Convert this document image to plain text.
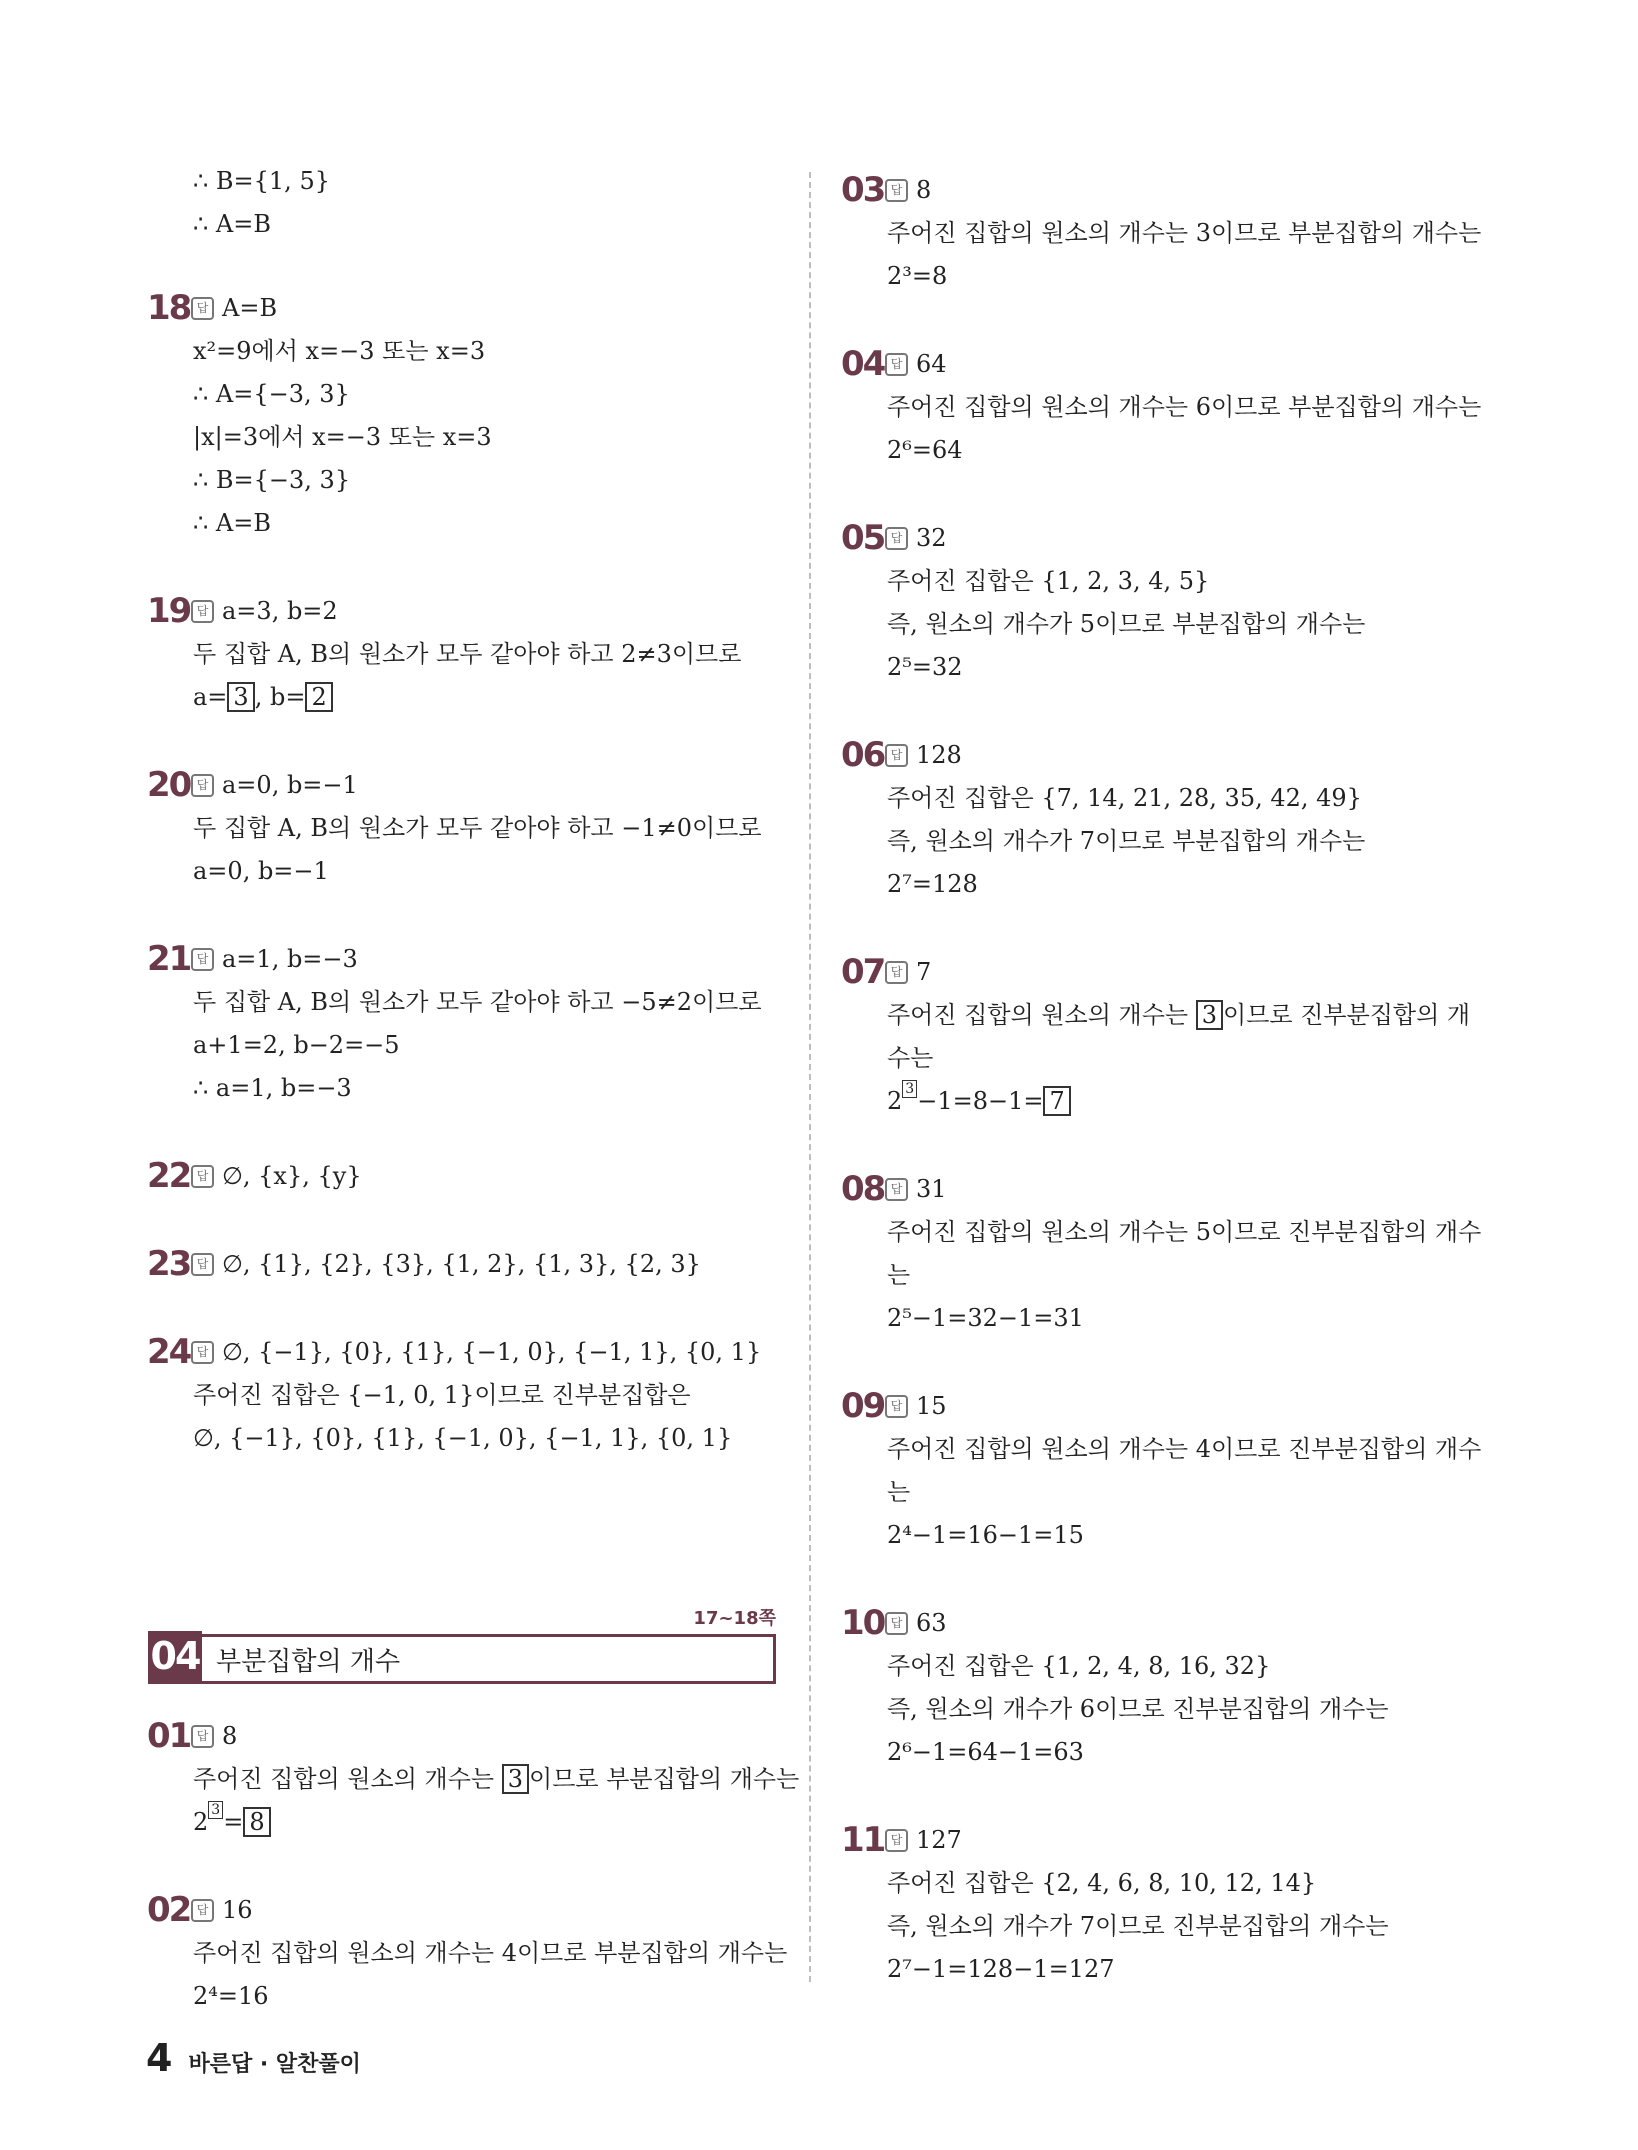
∴ B={1, 5}
∴ A=B
18 답 A=B
x²=9에서 x=−3 또는 x=3
∴ A={−3, 3}
|x|=3에서 x=−3 또는 x=3
∴ B={−3, 3}
∴ A=B
19 답 a=3, b=2
두 집합 A, B의 원소가 모두 같아야 하고 2≠3이므로
a= 3 , b= 2
20 답 a=0, b=−1
두 집합 A, B의 원소가 모두 같아야 하고 −1≠0이므로
a=0, b=−1
21 답 a=1, b=−3
두 집합 A, B의 원소가 모두 같아야 하고 −5≠2이므로
a+1=2, b−2=−5
∴ a=1, b=−3
22 답 ∅, {x}, {y}
23 답 ∅, {1}, {2}, {3}, {1, 2}, {1, 3}, {2, 3}
24 답 ∅, {−1}, {0}, {1}, {−1, 0}, {−1, 1}, {0, 1}
주어진 집합은 {−1, 0, 1}이므로 진부분집합은
∅, {−1}, {0}, {1}, {−1, 0}, {−1, 1}, {0, 1}
17~18쪽
04 부분집합의 개수
01 답 8
주어진 집합의 원소의 개수는 3 이므로 부분집합의 개수는
2 $^3$ = 8
02 답 16
주어진 집합의 원소의 개수는 4이므로 부분집합의 개수는
2⁴=16
03 답 8
주어진 집합의 원소의 개수는 3이므로 부분집합의 개수는
2³=8
04 답 64
주어진 집합의 원소의 개수는 6이므로 부분집합의 개수는
2⁶=64
05 답 32
주어진 집합은 {1, 2, 3, 4, 5}
즉, 원소의 개수가 5이므로 부분집합의 개수는
2⁵=32
06 답 128
주어진 집합은 {7, 14, 21, 28, 35, 42, 49}
즉, 원소의 개수가 7이므로 부분집합의 개수는
2⁷=128
07 답 7
주어진 집합의 원소의 개수는 3 이므로 진부분집합의 개
수는
2 $^3$ −1=8−1= 7
08 답 31
주어진 집합의 원소의 개수는 5이므로 진부분집합의 개수
는
2⁵−1=32−1=31
09 답 15
주어진 집합의 원소의 개수는 4이므로 진부분집합의 개수
는
2⁴−1=16−1=15
10 답 63
주어진 집합은 {1, 2, 4, 8, 16, 32}
즉, 원소의 개수가 6이므로 진부분집합의 개수는
2⁶−1=64−1=63
11 답 127
주어진 집합은 {2, 4, 6, 8, 10, 12, 14}
즉, 원소의 개수가 7이므로 진부분집합의 개수는
2⁷−1=128−1=127
4 바른답 · 알찬풀이
